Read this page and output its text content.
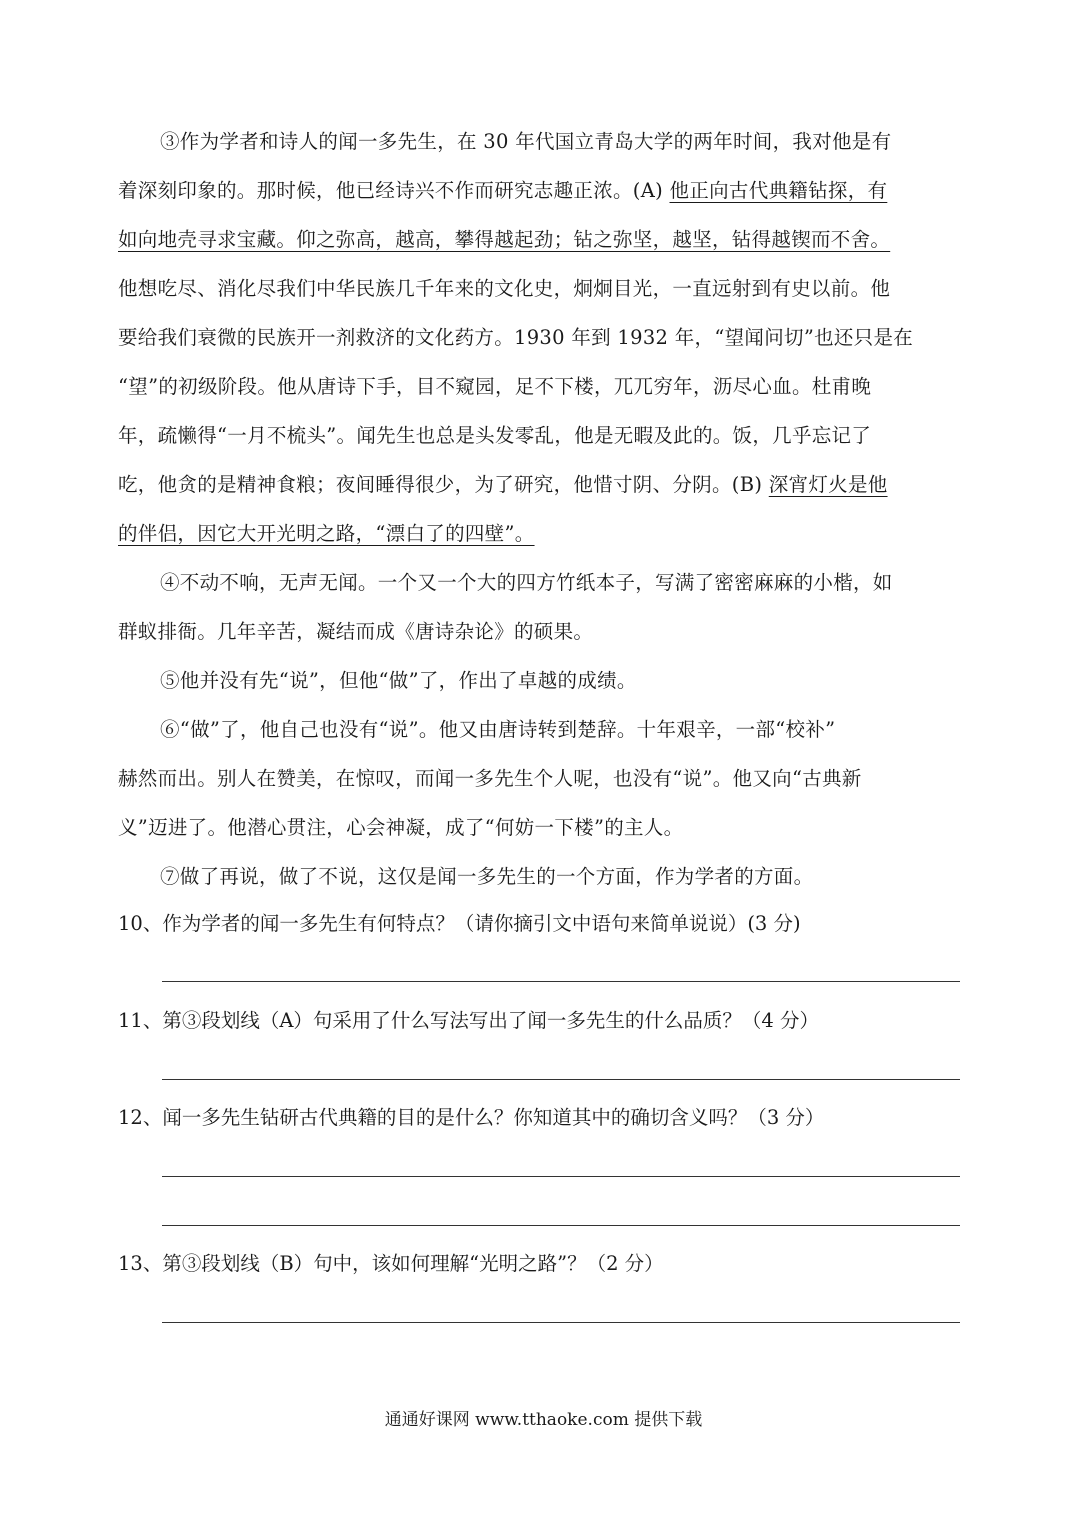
③作为学者和诗人的闻一多先生，在 30 年代国立青岛大学的两年时间，我对他是有
着深刻印象的。那时候，他已经诗兴不作而研究志趣正浓。(A) 他正向古代典籍钻探，有
如向地壳寻求宝藏。仰之弥高，越高，攀得越起劲；钻之弥坚，越坚，钻得越锲而不舍。
他想吃尽、消化尽我们中华民族几千年来的文化史，炯炯目光，一直远射到有史以前。他
要给我们衰微的民族开一剂救济的文化药方。1930 年到 1932 年，“望闻问切”也还只是在
“望”的初级阶段。他从唐诗下手，目不窥园，足不下楼，兀兀穷年，沥尽心血。杜甫晚
年，疏懒得“一月不梳头”。闻先生也总是头发零乱，他是无暇及此的。饭，几乎忘记了
吃，他贪的是精神食粮；夜间睡得很少，为了研究，他惜寸阴、分阴。(B) 深宵灯火是他
的伴侣，因它大开光明之路，“漂白了的四壁”。
④不动不响，无声无闻。一个又一个大的四方竹纸本子，写满了密密麻麻的小楷，如
群蚁排衙。几年辛苦，凝结而成《唐诗杂论》的硕果。
⑤他并没有先“说”，但他“做”了，作出了卓越的成绩。
⑥“做”了，他自己也没有“说”。他又由唐诗转到楚辞。十年艰辛，一部“校补”
赫然而出。别人在赞美，在惊叹，而闻一多先生个人呢，也没有“说”。他又向“古典新
义”迈进了。他潜心贯注，心会神凝，成了“何妨一下楼”的主人。
⑦做了再说，做了不说，这仅是闻一多先生的一个方面，作为学者的方面。
10、作为学者的闻一多先生有何特点？（请你摘引文中语句来简单说说）(3 分)
11、第③段划线（A）句采用了什么写法写出了闻一多先生的什么品质？（4 分）
12、闻一多先生钻研古代典籍的目的是什么？你知道其中的确切含义吗？（3 分）
13、第③段划线（B）句中，该如何理解“光明之路”？（2 分）
通通好课网 www.tthaoke.com 提供下载
